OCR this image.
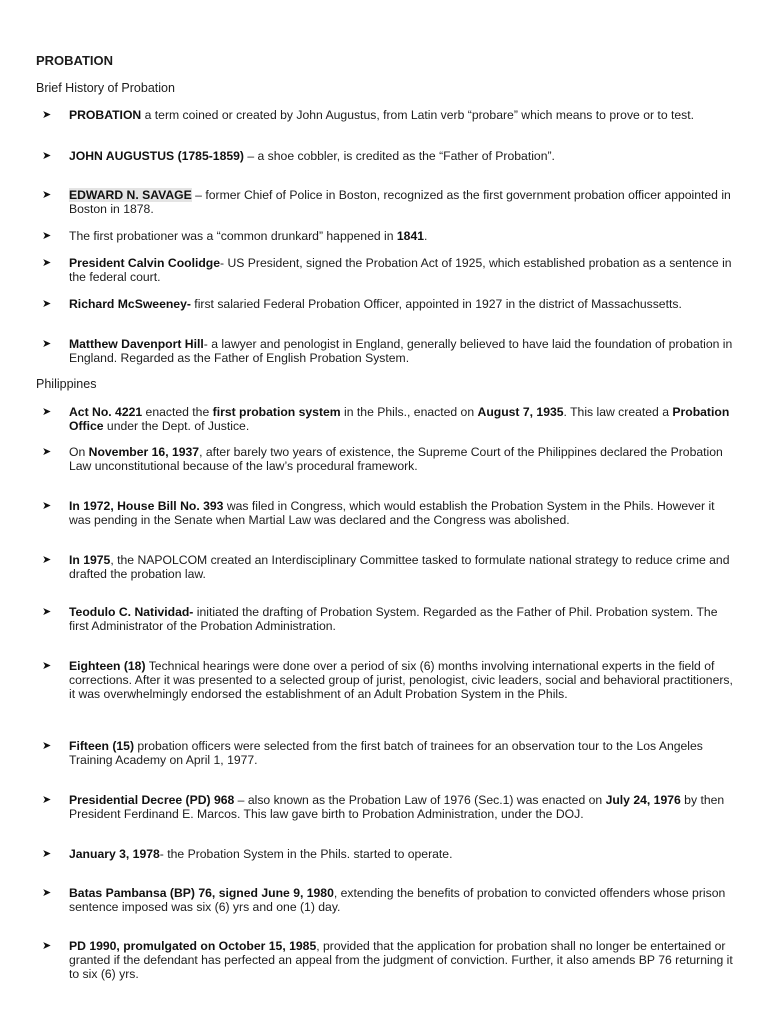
PROBATION
Brief History of Probation
➤	PROBATION a term coined or created by John Augustus, from Latin verb “probare” which means to prove or to test.
➤	JOHN AUGUSTUS (1785-1859) – a shoe cobbler, is credited as the “Father of Probation”.
➤	EDWARD N. SAVAGE – former Chief of Police in Boston, recognized as the first government probation officer appointed in Boston in 1878.
➤	The first probationer was a “common drunkard” happened in 1841.
➤	President Calvin Coolidge- US President, signed the Probation Act of 1925, which established probation as a sentence in the federal court.
➤	Richard McSweeney- first salaried Federal Probation Officer, appointed in 1927 in the district of Massachussetts.
➤	Matthew Davenport Hill- a lawyer and penologist in England, generally believed to have laid the foundation of probation in England. Regarded as the Father of English Probation System.
Philippines
➤	Act No. 4221 enacted the first probation system in the Phils., enacted on August 7, 1935. This law created a Probation Office under the Dept. of Justice.
➤	On November 16, 1937, after barely two years of existence, the Supreme Court of the Philippines declared the Probation Law unconstitutional because of the law’s procedural framework.
➤	In 1972, House Bill No. 393 was filed in Congress, which would establish the Probation System in the Phils. However it was pending in the Senate when Martial Law was declared and the Congress was abolished.
➤	In 1975, the NAPOLCOM created an Interdisciplinary Committee tasked to formulate national strategy to reduce crime and drafted the probation law.
➤	Teodulo C. Natividad- initiated the drafting of Probation System. Regarded as the Father of Phil. Probation system. The first Administrator of the Probation Administration.
➤	Eighteen (18) Technical hearings were done over a period of six (6) months involving international experts in the field of corrections. After it was presented to a selected group of jurist, penologist, civic leaders, social and behavioral practitioners, it was overwhelmingly endorsed the establishment of an Adult Probation System in the Phils.
➤	Fifteen (15) probation officers were selected from the first batch of trainees for an observation tour to the Los Angeles Training Academy on April 1, 1977.
➤	Presidential Decree (PD) 968 – also known as the Probation Law of 1976 (Sec.1) was enacted on July 24, 1976 by then President Ferdinand E. Marcos. This law gave birth to Probation Administration, under the DOJ.
➤	January 3, 1978- the Probation System in the Phils. started to operate.
➤	Batas Pambansa (BP) 76, signed June 9, 1980, extending the benefits of probation to convicted offenders whose prison sentence imposed was six (6) yrs and one (1) day.
➤	PD 1990, promulgated on October 15, 1985, provided that the application for probation shall no longer be entertained or granted if the defendant has perfected an appeal from the judgment of conviction. Further, it also amends BP 76 returning it to six (6) yrs.
